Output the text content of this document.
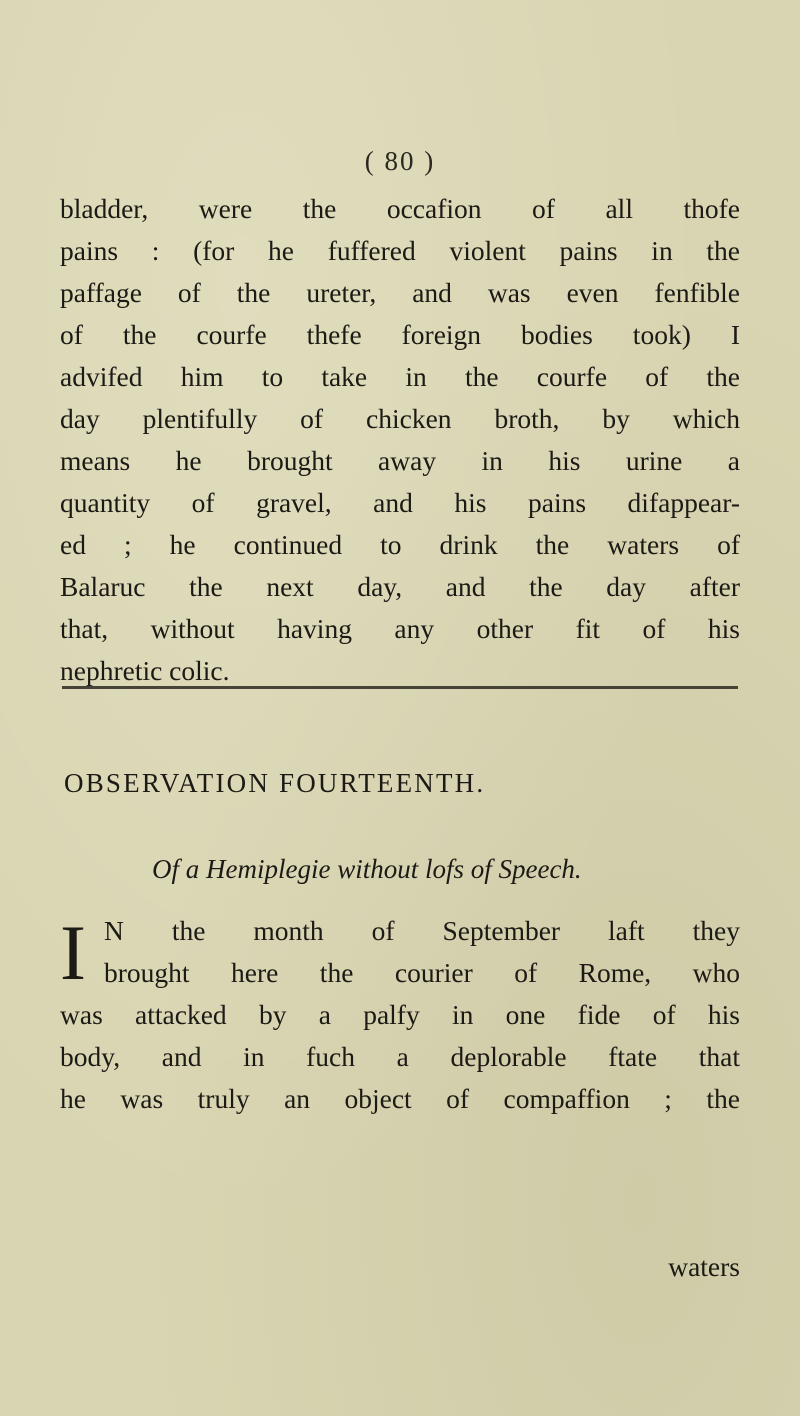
( 80 )
bladder, were the occafion of all thofe
pains : (for he fuffered violent pains in the
paffage of the ureter, and was even fenfible
of the courfe thefe foreign bodies took) I
advifed him to take in the courfe of the
day plentifully of chicken broth, by which
means he brought away in his urine a
quantity of gravel, and his pains difappear-
ed ; he continued to drink the waters of
Balaruc the next day, and the day after
that, without having any other fit of his
nephretic colic.
OBSERVATION FOURTEENTH.
Of a Hemiplegie without lofs of Speech.
I N the month of September laft they
brought here the courier of Rome, who
was attacked by a palfy in one fide of his
body, and in fuch a deplorable ftate that
he was truly an object of compaffion ; the
waters
